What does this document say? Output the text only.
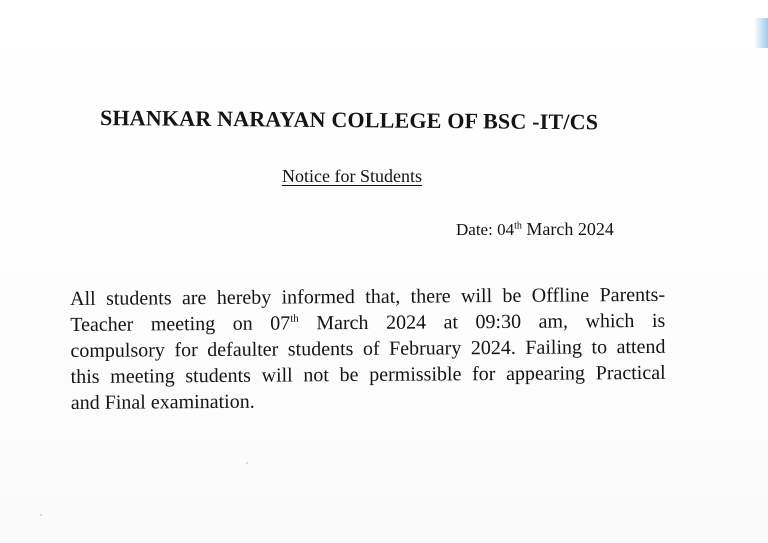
SHANKAR NARAYAN COLLEGE OF BSC -IT/CS
Notice for Students
Date: 04th March 2024
All students are hereby informed that, there will be Offline Parents-
Teacher meeting on 07th March 2024 at 09:30 am, which is
compulsory for defaulter students of February 2024. Failing to attend
this meeting students will not be permissible for appearing Practical
and Final examination.
